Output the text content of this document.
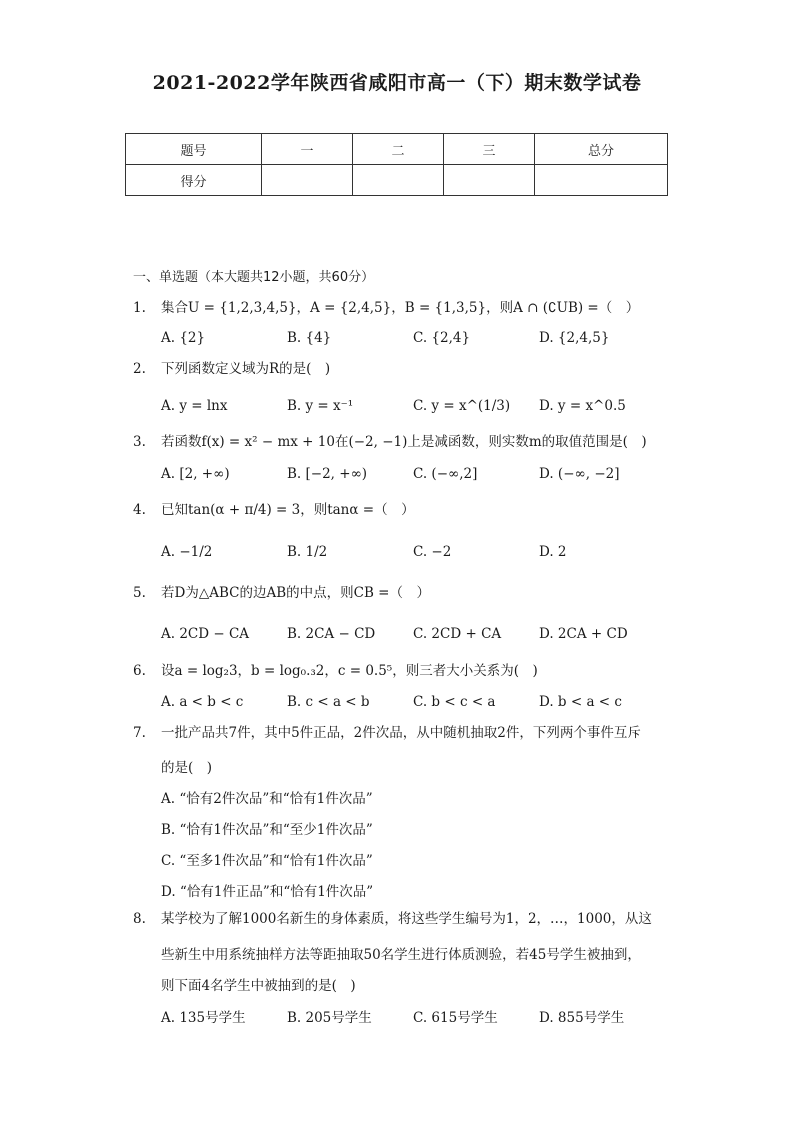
2021-2022学年陕西省咸阳市高一（下）期末数学试卷
题号	一	二	三	总分
得分				
一、单选题（本大题共12小题，共60分）
1. 集合U = {1,2,3,4,5}，A = {2,4,5}，B = {1,3,5}，则A ∩ (∁UB) =（　）
A. {2}	B. {4}	C. {2,4}	D. {2,4,5}
2. 下列函数定义域为R的是(　)
A. y = lnx	B. y = x⁻¹	C. y = x^(1/3) D. y = x^0.5
3. 若函数f(x) = x² − mx + 10在(−2, −1)上是减函数，则实数m的取值范围是(　)
A. [2, +∞)	B. [−2, +∞)	C. (−∞,2]	D. (−∞, −2]
4. 已知tan(α + π/4) = 3，则tanα =（　）
A. −1/2	B. 1/2	C. −2	D. 2
5. 若D为△ABC的边AB的中点，则CB =（　）
A. 2CD − CA	B. 2CA − CD	C. 2CD + CA	D. 2CA + CD
6. 设a = log₂3，b = log₀.₃2，c = 0.5⁵，则三者大小关系为(　)
A. a < b < c	B. c < a < b	C. b < c < a	D. b < a < c
7. 一批产品共7件，其中5件正品，2件次品，从中随机抽取2件，下列两个事件互斥
的是(　)
A. “恰有2件次品”和“恰有1件次品”
B. “恰有1件次品”和“至少1件次品”
C. “至多1件次品”和“恰有1件次品”
D. “恰有1件正品”和“恰有1件次品”
8. 某学校为了解1000名新生的身体素质，将这些学生编号为1，2，…，1000，从这
些新生中用系统抽样方法等距抽取50名学生进行体质测验，若45号学生被抽到，
则下面4名学生中被抽到的是(　)
A. 135号学生	B. 205号学生	C. 615号学生	D. 855号学生
